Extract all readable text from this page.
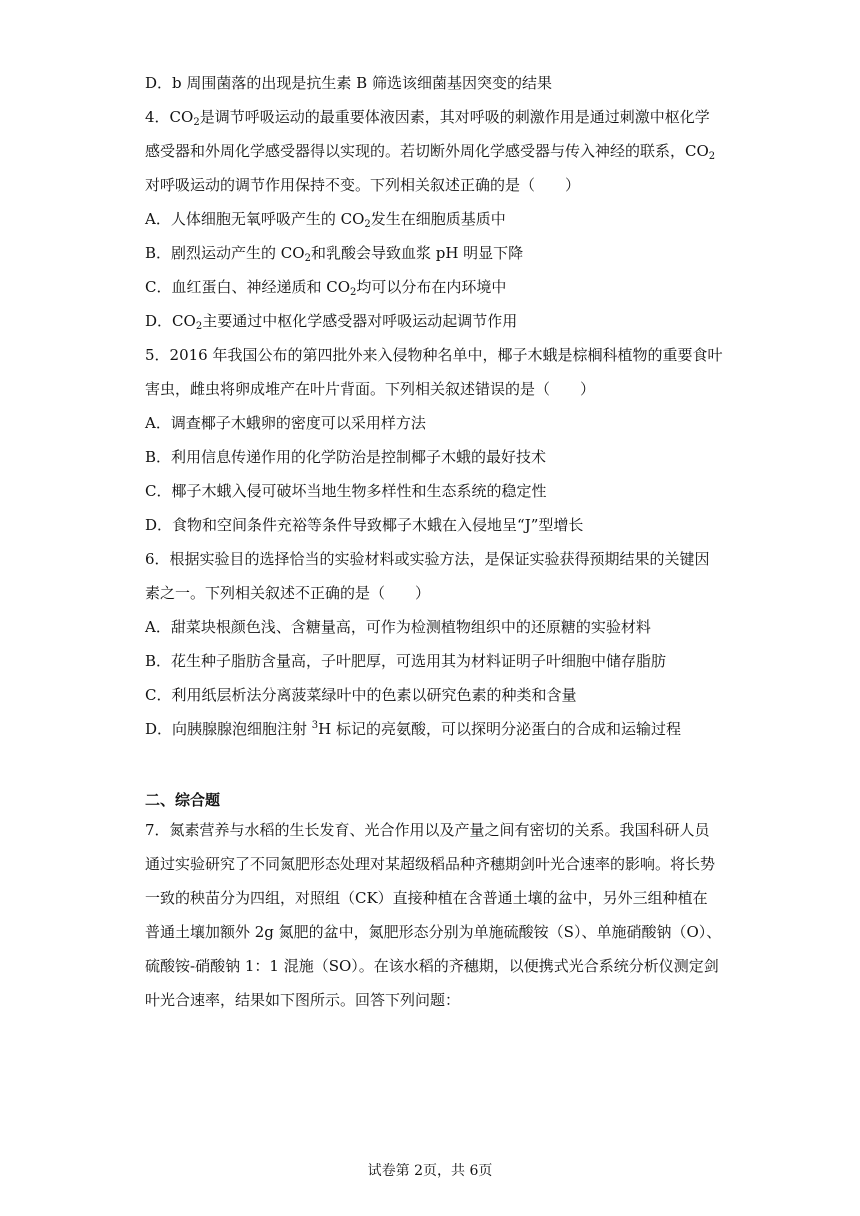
D．b 周围菌落的出现是抗生素 B 筛选该细菌基因突变的结果
4．$CO_2$是调节呼吸运动的最重要体液因素，其对呼吸的刺激作用是通过刺激中枢化学
感受器和外周化学感受器得以实现的。若切断外周化学感受器与传入神经的联系，$CO_2$
对呼吸运动的调节作用保持不变。下列相关叙述正确的是（　　）
A．人体细胞无氧呼吸产生的 $CO_2$发生在细胞质基质中
B．剧烈运动产生的 $CO_2$和乳酸会导致血浆 pH 明显下降
C．血红蛋白、神经递质和 $CO_2$均可以分布在内环境中
D．$CO_2$主要通过中枢化学感受器对呼吸运动起调节作用
5．2016 年我国公布的第四批外来入侵物种名单中，椰子木蛾是棕榈科植物的重要食叶
害虫，雌虫将卵成堆产在叶片背面。下列相关叙述错误的是（　　）
A．调查椰子木蛾卵的密度可以采用样方法
B．利用信息传递作用的化学防治是控制椰子木蛾的最好技术
C．椰子木蛾入侵可破坏当地生物多样性和生态系统的稳定性
D．食物和空间条件充裕等条件导致椰子木蛾在入侵地呈“J”型增长
6．根据实验目的选择恰当的实验材料或实验方法，是保证实验获得预期结果的关键因
素之一。下列相关叙述不正确的是（　　）
A．甜菜块根颜色浅、含糖量高，可作为检测植物组织中的还原糖的实验材料
B．花生种子脂肪含量高，子叶肥厚，可选用其为材料证明子叶细胞中储存脂肪
C．利用纸层析法分离菠菜绿叶中的色素以研究色素的种类和含量
D．向胰腺腺泡细胞注射 $^3$H 标记的亮氨酸，可以探明分泌蛋白的合成和运输过程
二、综合题
7．氮素营养与水稻的生长发育、光合作用以及产量之间有密切的关系。我国科研人员
通过实验研究了不同氮肥形态处理对某超级稻品种齐穗期剑叶光合速率的影响。将长势
一致的秧苗分为四组，对照组（CK）直接种植在含普通土壤的盆中，另外三组种植在
普通土壤加额外 2g 氮肥的盆中，氮肥形态分别为单施硫酸铵（S）、单施硝酸钠（O）、
硫酸铵-硝酸钠 1：1 混施（SO）。在该水稻的齐穗期，以便携式光合系统分析仪测定剑
叶光合速率，结果如下图所示。回答下列问题：
试卷第 2页，共 6页
